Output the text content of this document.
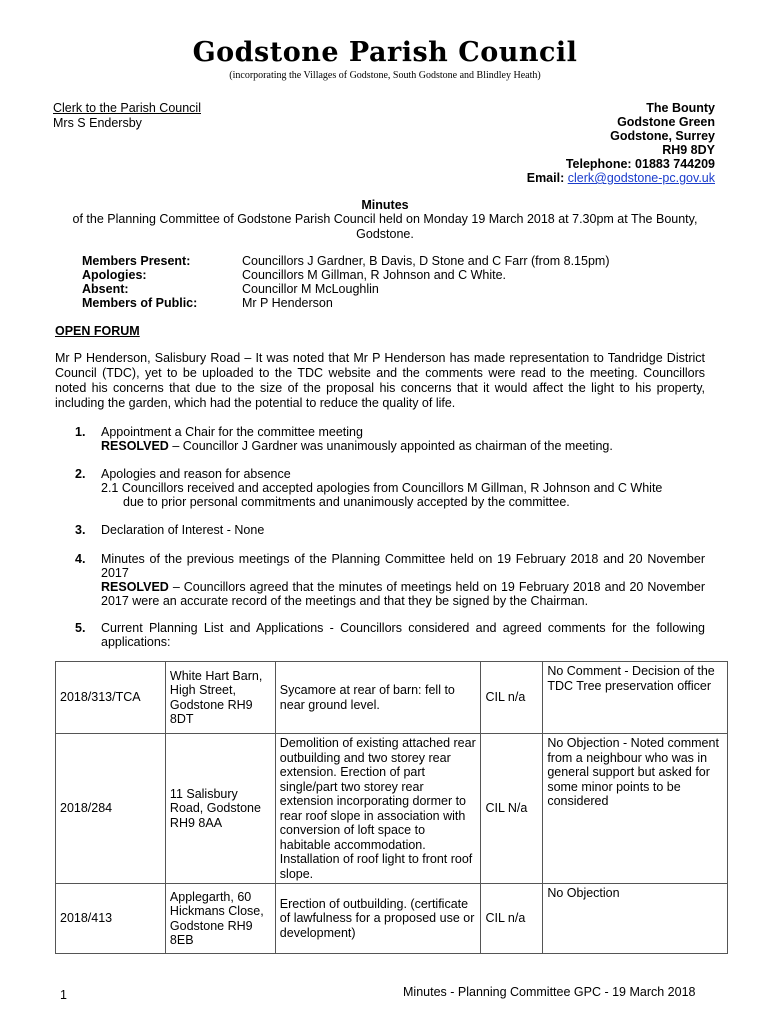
Godstone Parish Council
(incorporating the Villages of Godstone, South Godstone and Blindley Heath)
Clerk to the Parish Council
Mrs S Endersby
The Bounty
Godstone Green
Godstone, Surrey
RH9 8DY
Telephone: 01883 744209
Email: clerk@godstone-pc.gov.uk
Minutes
of the Planning Committee of Godstone Parish Council held on Monday 19 March 2018 at 7.30pm at The Bounty, Godstone.
Members Present:	Councillors J Gardner, B Davis, D Stone and C Farr (from 8.15pm)
Apologies:	Councillors M Gillman, R Johnson and C White.
Absent:	Councillor M McLoughlin
Members of Public:	Mr P Henderson
OPEN FORUM
Mr P Henderson, Salisbury Road – It was noted that Mr P Henderson has made representation to Tandridge District Council (TDC), yet to be uploaded to the TDC website and the comments were read to the meeting. Councillors noted his concerns that due to the size of the proposal his concerns that it would affect the light to his property, including the garden, which had the potential to reduce the quality of life.
1. Appointment a Chair for the committee meeting
RESOLVED – Councillor J Gardner was unanimously appointed as chairman of the meeting.
2. Apologies and reason for absence
2.1 Councillors received and accepted apologies from Councillors M Gillman, R Johnson and C White
due to prior personal commitments and unanimously accepted by the committee.
3. Declaration of Interest - None
4. Minutes of the previous meetings of the Planning Committee held on 19 February 2018 and 20 November 2017
RESOLVED – Councillors agreed that the minutes of meetings held on 19 February 2018 and 20 November 2017 were an accurate record of the meetings and that they be signed by the Chairman.
5. Current Planning List and Applications - Councillors considered and agreed comments for the following applications:
2018/313/TCA	White Hart Barn, High Street, Godstone RH9 8DT	Sycamore at rear of barn: fell to near ground level.	CIL n/a	No Comment - Decision of the TDC Tree preservation officer
2018/284	11 Salisbury Road, Godstone RH9 8AA	Demolition of existing attached rear outbuilding and two storey rear extension. Erection of part single/part two storey rear extension incorporating dormer to rear roof slope in association with conversion of loft space to habitable accommodation. Installation of roof light to front roof slope.	CIL N/a	No Objection - Noted comment from a neighbour who was in general support but asked for some minor points to be considered
2018/413	Applegarth, 60 Hickmans Close, Godstone RH9 8EB	Erection of outbuilding. (certificate of lawfulness for a proposed use or development)	CIL n/a	No Objection
1	Minutes - Planning Committee GPC - 19 March 2018
